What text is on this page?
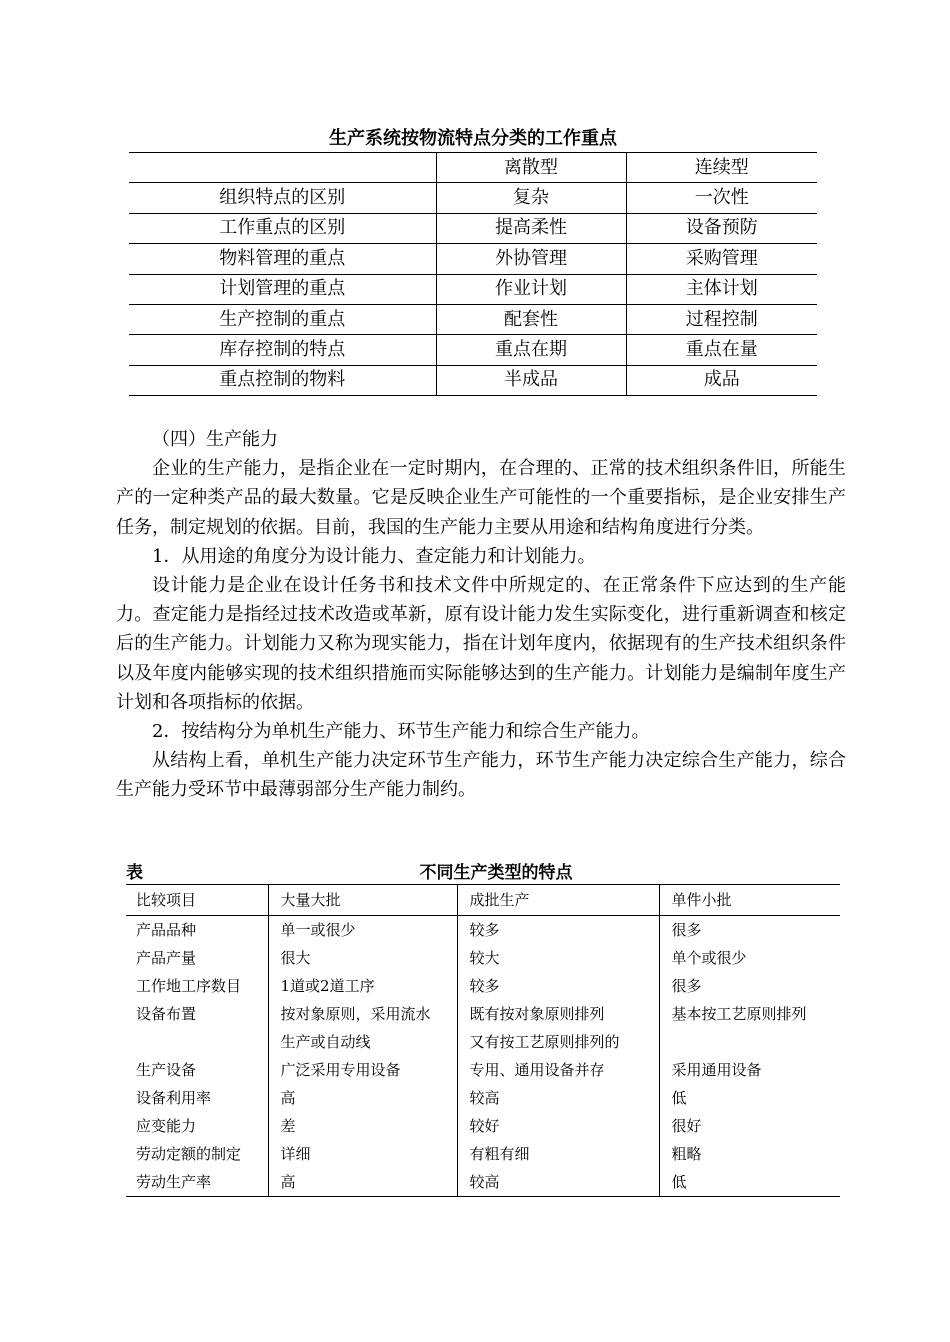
生产系统按物流特点分类的工作重点
	离散型	连续型
组织特点的区别	复杂	一次性
工作重点的区别	提高柔性	设备预防
物料管理的重点	外协管理	采购管理
计划管理的重点	作业计划	主体计划
生产控制的重点	配套性	过程控制
库存控制的特点	重点在期	重点在量
重点控制的物料	半成品	成品

（四）生产能力

企业的生产能力，是指企业在一定时期内，在合理的、正常的技术组织条件旧，所能生产的一定种类产品的最大数量。它是反映企业生产可能性的一个重要指标，是企业安排生产任务，制定规划的依据。目前，我国的生产能力主要从用途和结构角度进行分类。

1．从用途的角度分为设计能力、查定能力和计划能力。

设计能力是企业在设计任务书和技术文件中所规定的、在正常条件下应达到的生产能力。查定能力是指经过技术改造或革新，原有设计能力发生实际变化，进行重新调查和核定后的生产能力。计划能力又称为现实能力，指在计划年度内，依据现有的生产技术组织条件以及年度内能够实现的技术组织措施而实际能够达到的生产能力。计划能力是编制年度生产计划和各项指标的依据。

2．按结构分为单机生产能力、环节生产能力和综合生产能力。

从结构上看，单机生产能力决定环节生产能力，环节生产能力决定综合生产能力，综合生产能力受环节中最薄弱部分生产能力制约。

表	不同生产类型的特点
比较项目	大量大批	成批生产	单件小批
产品品种	单一或很少	较多	很多
产品产量	很大	较大	单个或很少
工作地工序数目	1道或2道工序	较多	很多
设备布置	按对象原则，采用流水	既有按对象原则排列	基本按工艺原则排列
	生产或自动线	又有按工艺原则排列的	
生产设备	广泛采用专用设备	专用、通用设备并存	采用通用设备
设备利用率	高	较高	低
应变能力	差	较好	很好
劳动定额的制定	详细	有粗有细	粗略
劳动生产率	高	较高	低
